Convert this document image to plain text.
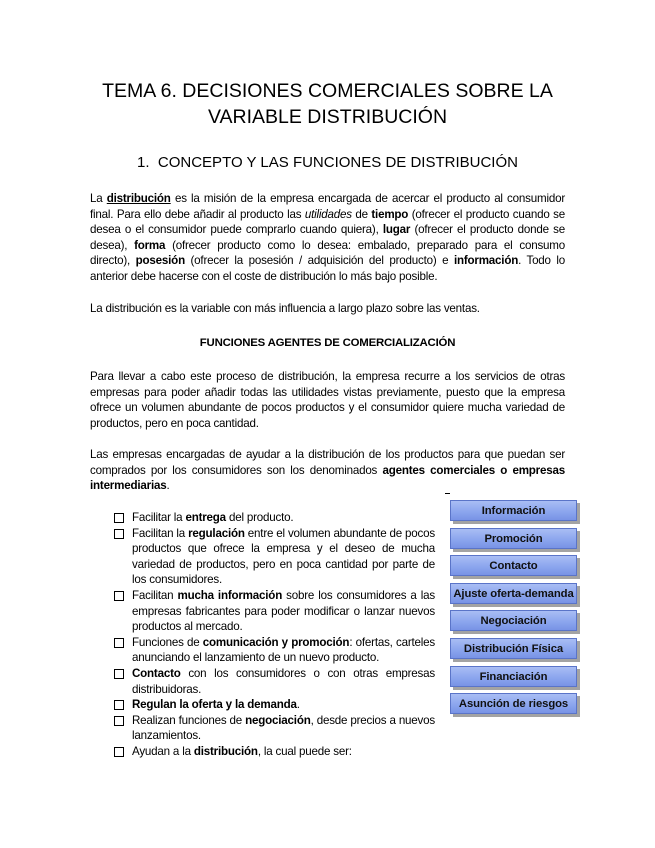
TEMA 6. DECISIONES COMERCIALES SOBRE LA
VARIABLE DISTRIBUCIÓN
1. CONCEPTO Y LAS FUNCIONES DE DISTRIBUCIÓN

La distribución es la misión de la empresa encargada de acercar el producto al consumidor final. Para ello debe añadir al producto las utilidades de tiempo (ofrecer el producto cuando se desea o el consumidor puede comprarlo cuando quiera), lugar (ofrecer el producto donde se desea), forma (ofrecer producto como lo desea: embalado, preparado para el consumo directo), posesión (ofrecer la posesión / adquisición del producto) e información. Todo lo anterior debe hacerse con el coste de distribución lo más bajo posible.

La distribución es la variable con más influencia a largo plazo sobre las ventas.

FUNCIONES AGENTES DE COMERCIALIZACIÓN

Para llevar a cabo este proceso de distribución, la empresa recurre a los servicios de otras empresas para poder añadir todas las utilidades vistas previamente, puesto que la empresa ofrece un volumen abundante de pocos productos y el consumidor quiere mucha variedad de productos, pero en poca cantidad.

Las empresas encargadas de ayudar a la distribución de los productos para que puedan ser comprados por los consumidores son los denominados agentes comerciales o empresas intermediarias.

Facilitar la entrega del producto.
Facilitan la regulación entre el volumen abundante de pocos productos que ofrece la empresa y el deseo de mucha variedad de productos, pero en poca cantidad por parte de los consumidores.
Facilitan mucha información sobre los consumidores a las empresas fabricantes para poder modificar o lanzar nuevos productos al mercado.
Funciones de comunicación y promoción: ofertas, carteles anunciando el lanzamiento de un nuevo producto.
Contacto con los consumidores o con otras empresas distribuidoras.
Regulan la oferta y la demanda.
Realizan funciones de negociación, desde precios a nuevos lanzamientos.
Ayudan a la distribución, la cual puede ser:
Información
Promoción
Contacto
Ajuste oferta-demanda
Negociación
Distribución Física
Financiación
Asunción de riesgos
